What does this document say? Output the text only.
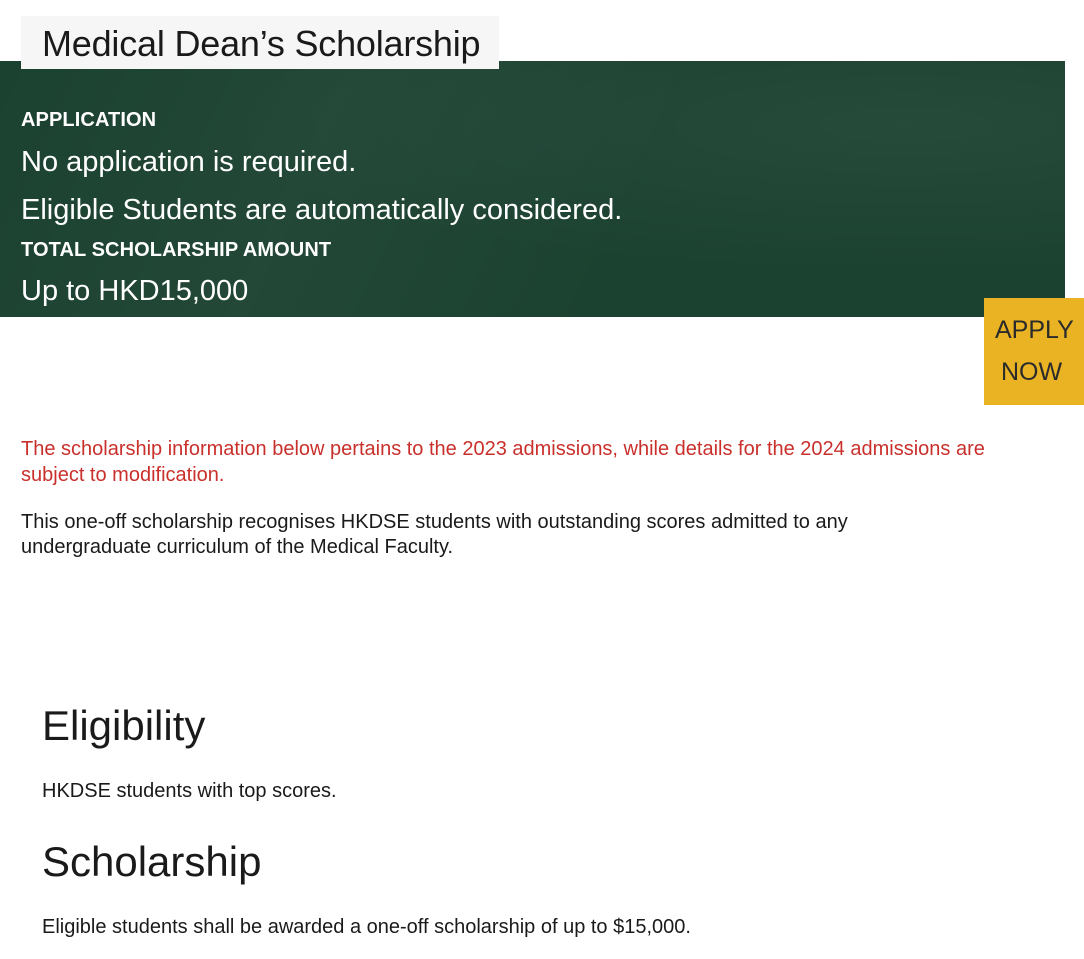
Medical Dean’s Scholarship
APPLICATION
No application is required.
Eligible Students are automatically considered.
TOTAL SCHOLARSHIP AMOUNT
Up to HKD15,000
APPLY
NOW

The scholarship information below pertains to the 2023 admissions, while details for the 2024 admissions are subject to modification.

This one-off scholarship recognises HKDSE students with outstanding scores admitted to any undergraduate curriculum of the Medical Faculty.

Eligibility

HKDSE students with top scores.

Scholarship

Eligible students shall be awarded a one-off scholarship of up to $15,000.
